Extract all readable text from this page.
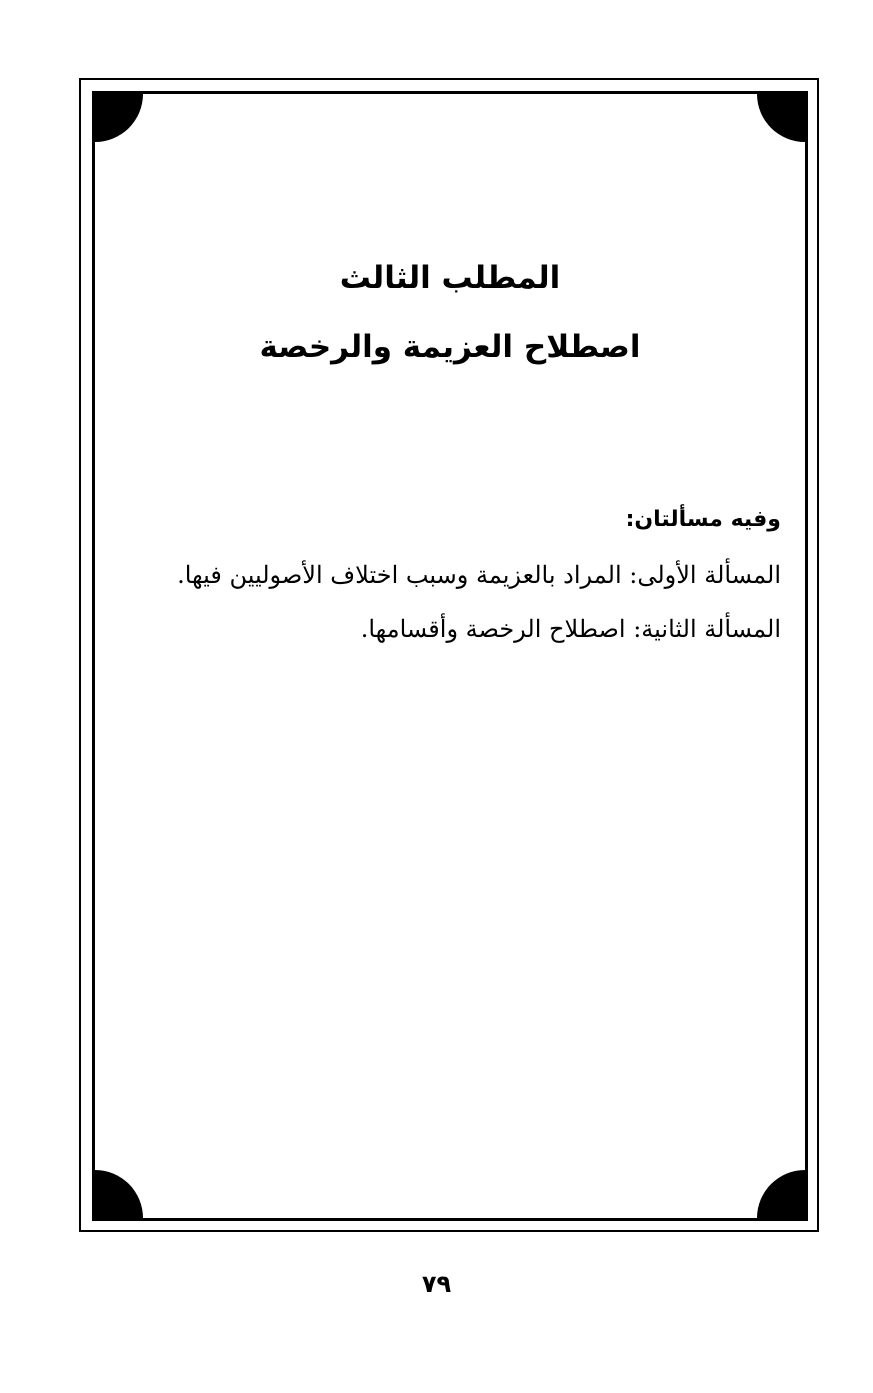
المطلب الثالث
اصطلاح العزيمة والرخصة
وفيه مسألتان:
المسألة الأولى: المراد بالعزيمة وسبب اختلاف الأصوليين فيها.
المسألة الثانية: اصطلاح الرخصة وأقسامها.
٧٩
